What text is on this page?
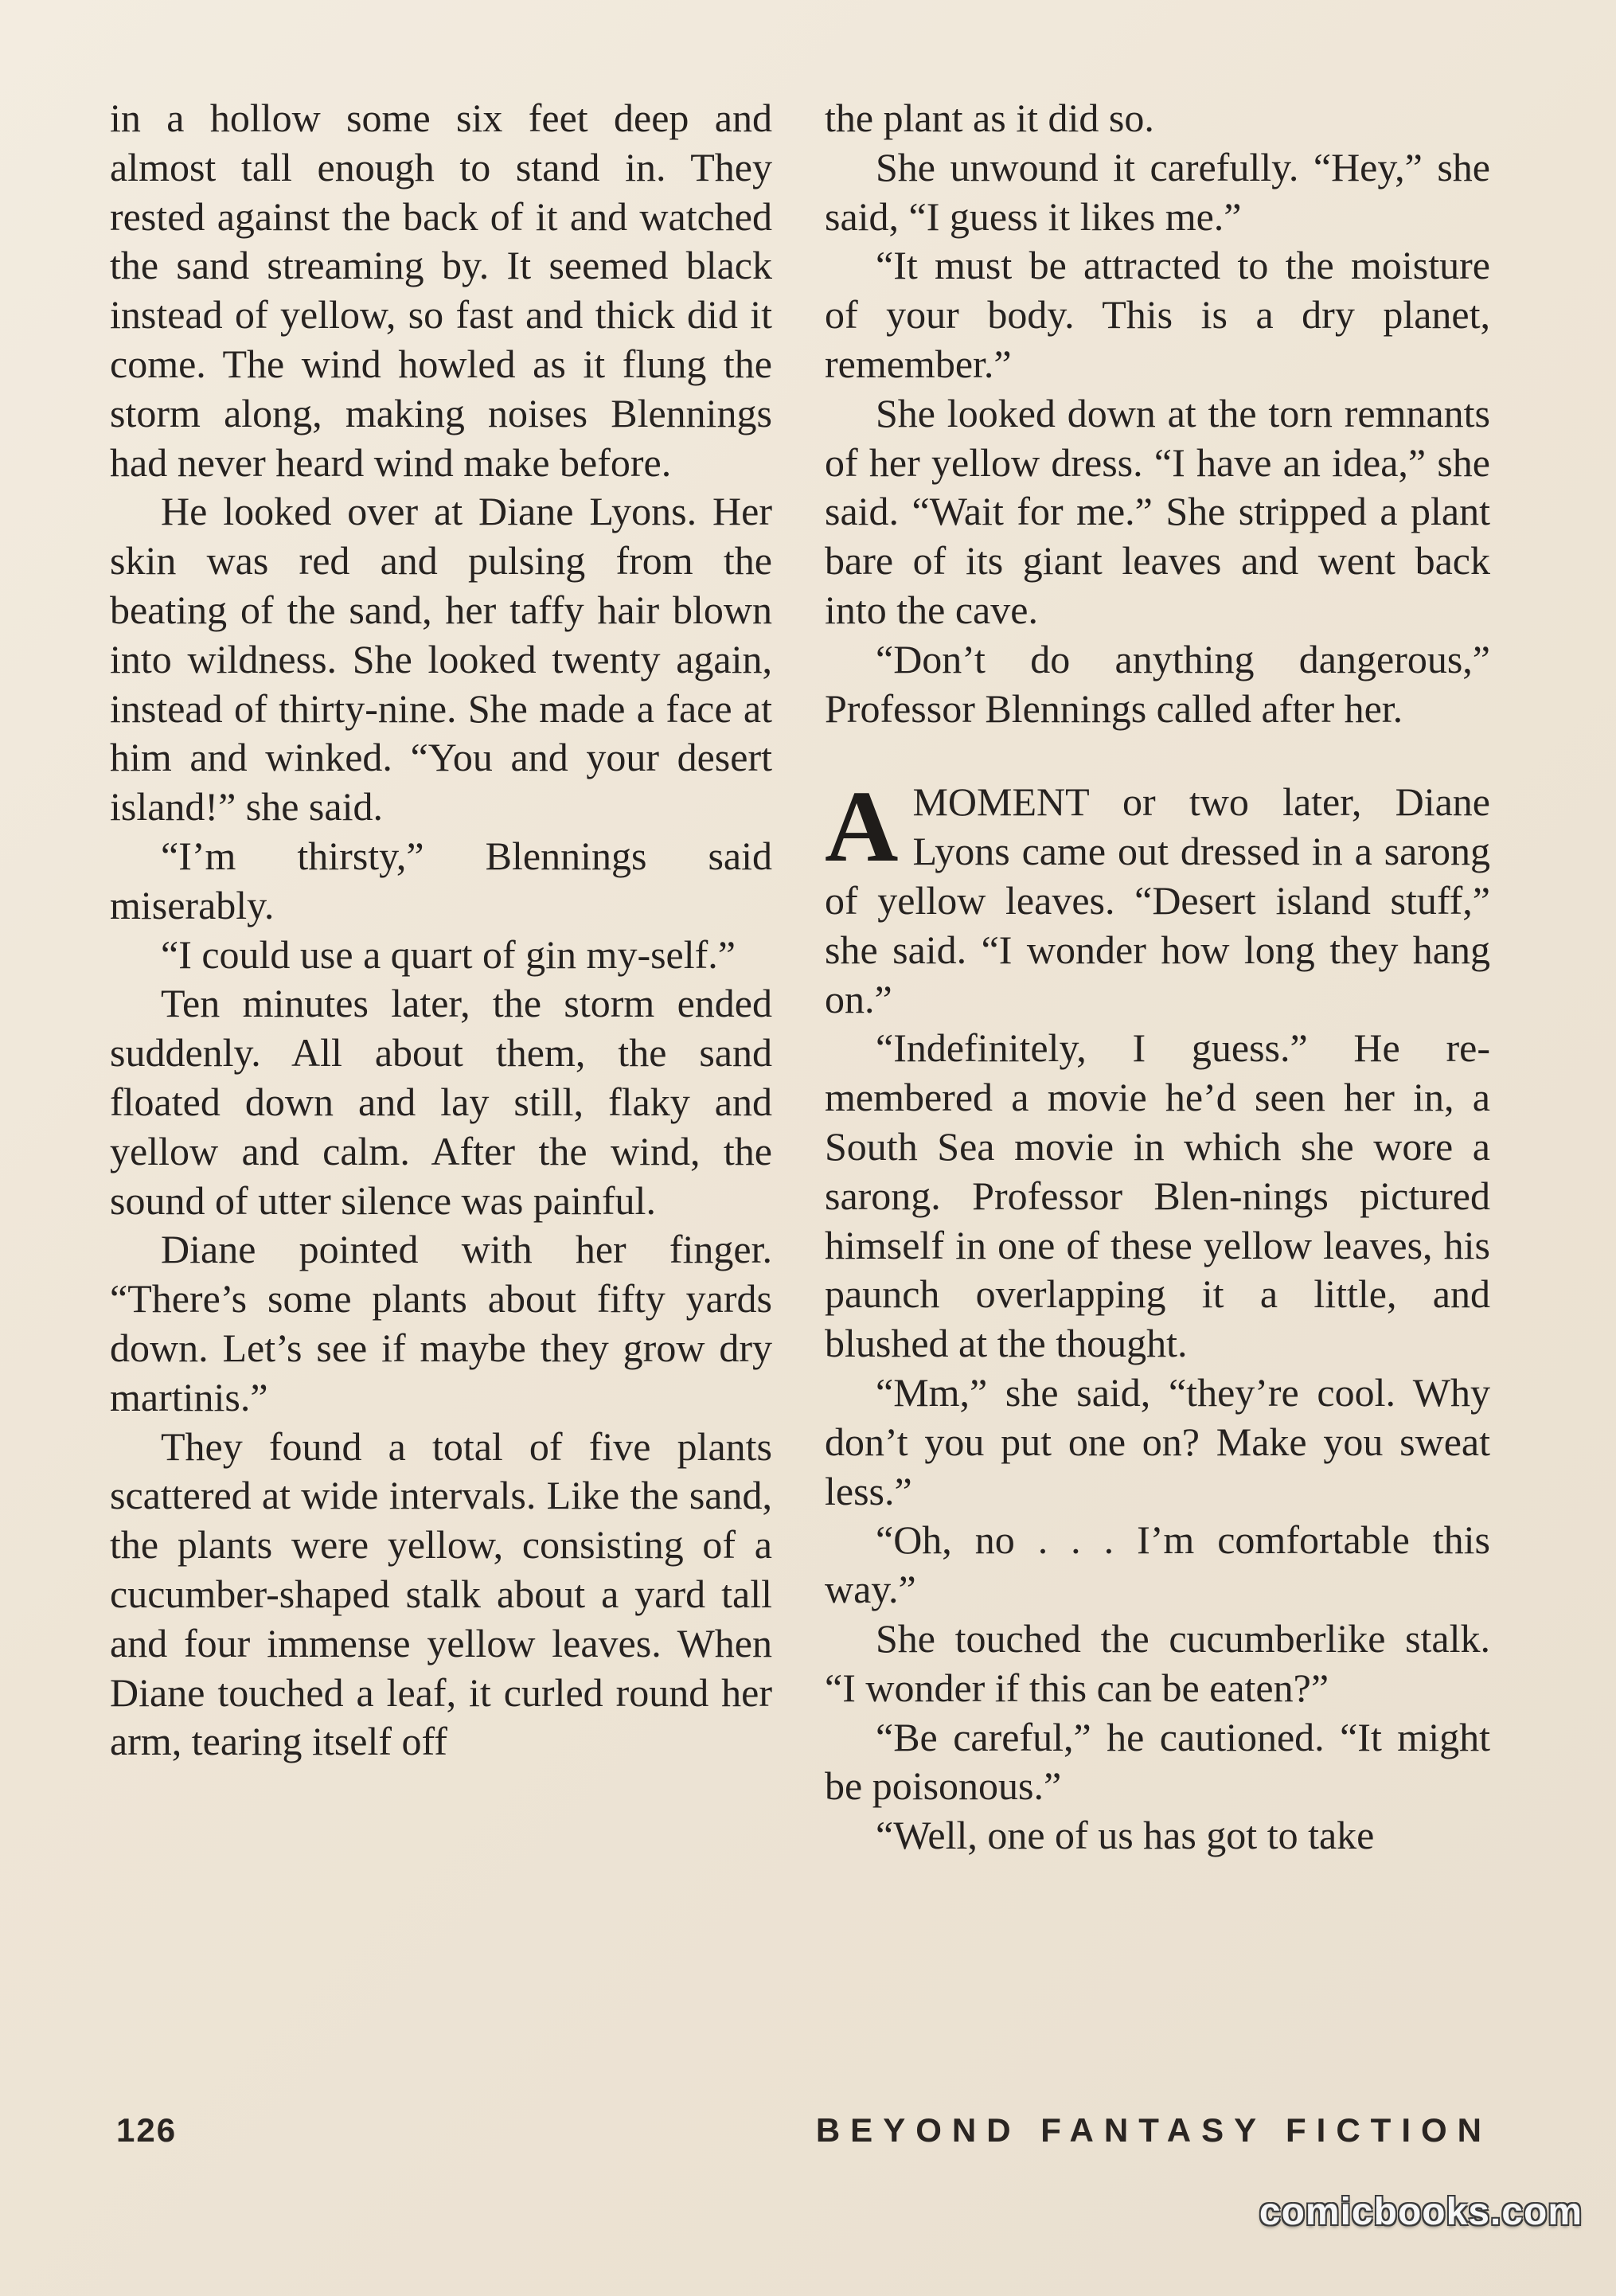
in a hollow some six feet deep and almost tall enough to stand in. They rested against the back of it and watched the sand streaming by. It seemed black instead of yellow, so fast and thick did it come. The wind howled as it flung the storm along, making noises Blennings had never heard wind make before.

He looked over at Diane Lyons. Her skin was red and pulsing from the beating of the sand, her taffy hair blown into wildness. She looked twenty again, instead of thirty-nine. She made a face at him and winked. “You and your desert island!” she said.

“I’m thirsty,” Blennings said miserably.

“I could use a quart of gin my-self.”

Ten minutes later, the storm ended suddenly. All about them, the sand floated down and lay still, flaky and yellow and calm. After the wind, the sound of utter silence was painful.

Diane pointed with her finger. “There’s some plants about fifty yards down. Let’s see if maybe they grow dry martinis.”

They found a total of five plants scattered at wide intervals. Like the sand, the plants were yellow, consisting of a cucumber-shaped stalk about a yard tall and four immense yellow leaves. When Diane touched a leaf, it curled round her arm, tearing itself off

the plant as it did so.

She unwound it carefully. “Hey,” she said, “I guess it likes me.”

“It must be attracted to the moisture of your body. This is a dry planet, remember.”

She looked down at the torn remnants of her yellow dress. “I have an idea,” she said. “Wait for me.” She stripped a plant bare of its giant leaves and went back into the cave.

“Don’t do anything dangerous,” Professor Blennings called after her.

AMOMENT or two later, Diane Lyons came out dressed in a sarong of yellow leaves. “Desert island stuff,” she said. “I wonder how long they hang on.”

“Indefinitely, I guess.” He re-membered a movie he’d seen her in, a South Sea movie in which she wore a sarong. Professor Blen-nings pictured himself in one of these yellow leaves, his paunch overlapping it a little, and blushed at the thought.

“Mm,” she said, “they’re cool. Why don’t you put one on? Make you sweat less.”

“Oh, no . . . I’m comfortable this way.”

She touched the cucumberlike stalk. “I wonder if this can be eaten?”

“Be careful,” he cautioned. “It might be poisonous.”

“Well, one of us has got to take

126	BEYOND FANTASY FICTION
comicbooks.com
